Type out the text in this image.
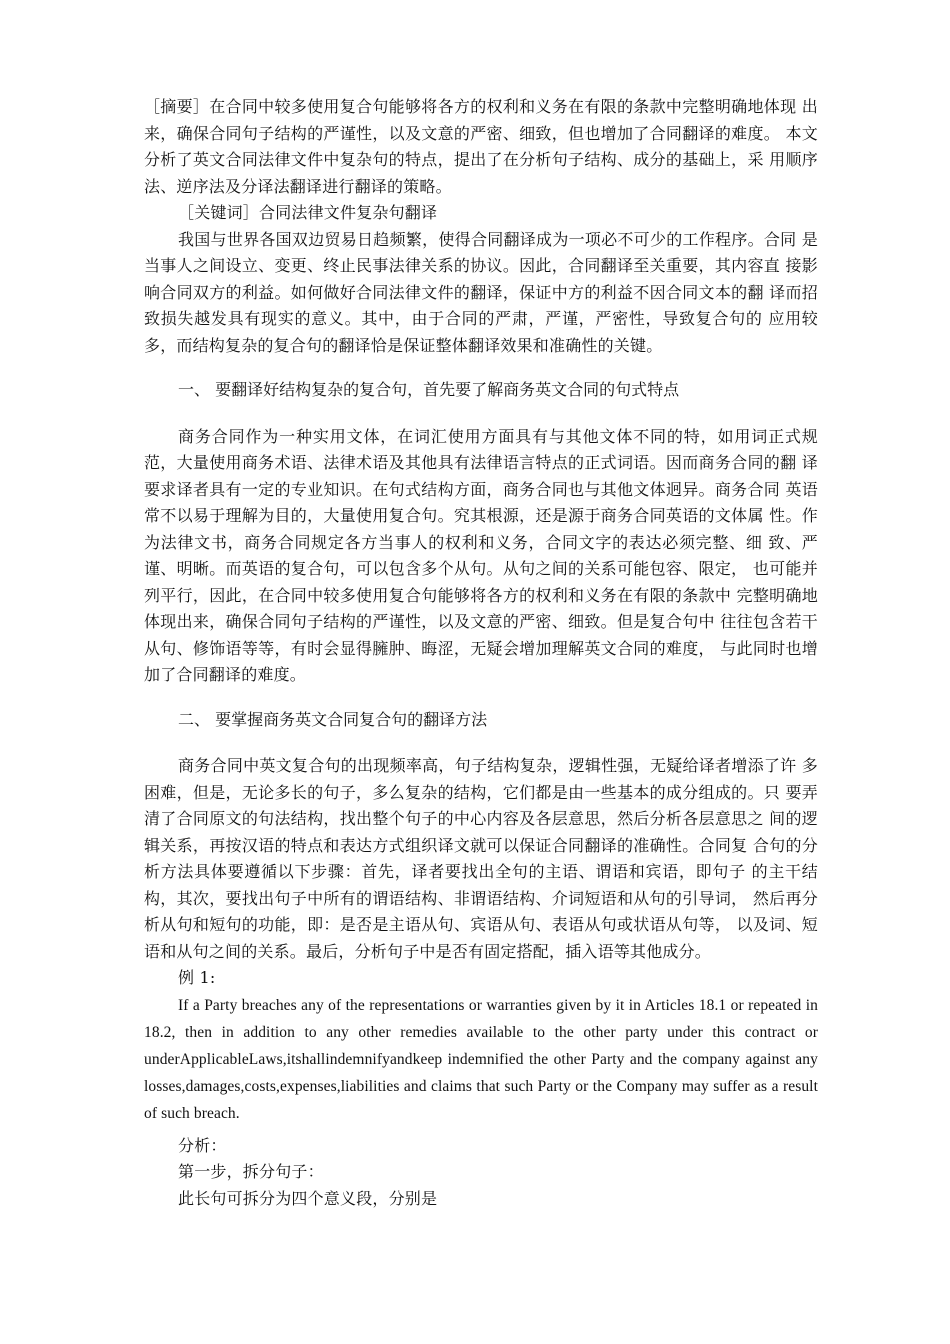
［摘要］在合同中较多使用复合句能够将各方的权利和义务在有限的条款中完整明确地体现 出来，确保合同句子结构的严谨性，以及文意的严密、细致，但也增加了合同翻译的难度。 本文分析了英文合同法律文件中复杂句的特点，提出了在分析句子结构、成分的基础上，采 用顺序法、逆序法及分译法翻译进行翻译的策略。

［关键词］合同法律文件复杂句翻译

我国与世界各国双边贸易日趋频繁，使得合同翻译成为一项必不可少的工作程序。合同 是当事人之间设立、变更、终止民事法律关系的协议。因此，合同翻译至关重要，其内容直 接影响合同双方的利益。如何做好合同法律文件的翻译，保证中方的利益不因合同文本的翻 译而招致损失越发具有现实的意义。其中，由于合同的严肃，严谨，严密性，导致复合句的 应用较多，而结构复杂的复合句的翻译恰是保证整体翻译效果和准确性的关键。

一、 要翻译好结构复杂的复合句，首先要了解商务英文合同的句式特点

商务合同作为一种实用文体，在词汇使用方面具有与其他文体不同的特，如用词正式规 范，大量使用商务术语、法律术语及其他具有法律语言特点的正式词语。因而商务合同的翻 译要求译者具有一定的专业知识。在句式结构方面，商务合同也与其他文体迥异。商务合同 英语常不以易于理解为目的，大量使用复合句。究其根源，还是源于商务合同英语的文体属 性。作为法律文书，商务合同规定各方当事人的权利和义务，合同文字的表达必须完整、细 致、严谨、明晰。而英语的复合句，可以包含多个从句。从句之间的关系可能包容、限定， 也可能并列平行，因此，在合同中较多使用复合句能够将各方的权利和义务在有限的条款中 完整明确地体现出来，确保合同句子结构的严谨性，以及文意的严密、细致。但是复合句中 往往包含若干从句、修饰语等等，有时会显得臃肿、晦涩，无疑会增加理解英文合同的难度， 与此同时也增加了合同翻译的难度。

二、 要掌握商务英文合同复合句的翻译方法

商务合同中英文复合句的出现频率高，句子结构复杂，逻辑性强，无疑给译者增添了许 多困难，但是，无论多长的句子，多么复杂的结构，它们都是由一些基本的成分组成的。只 要弄清了合同原文的句法结构，找出整个句子的中心内容及各层意思，然后分析各层意思之 间的逻辑关系，再按汉语的特点和表达方式组织译文就可以保证合同翻译的准确性。合同复 合句的分析方法具体要遵循以下步骤：首先，译者要找出全句的主语、谓语和宾语，即句子 的主干结构，其次，要找出句子中所有的谓语结构、非谓语结构、介词短语和从句的引导词， 然后再分析从句和短句的功能，即：是否是主语从句、宾语从句、表语从句或状语从句等， 以及词、短语和从句之间的关系。最后，分析句子中是否有固定搭配，插入语等其他成分。

例 1:

If a Party breaches any of the representations or warranties given by it in Articles 18.1 or repeated in 18.2, then in addition to any other remedies available to the other party under this contract or underApplicableLaws,itshallindemnifyandkeep indemnified the other Party and the company against any losses,damages,costs,expenses,liabilities and claims that such Party or the Company may suffer as a result of such breach.

分析：

第一步，拆分句子：

此长句可拆分为四个意义段，分别是
